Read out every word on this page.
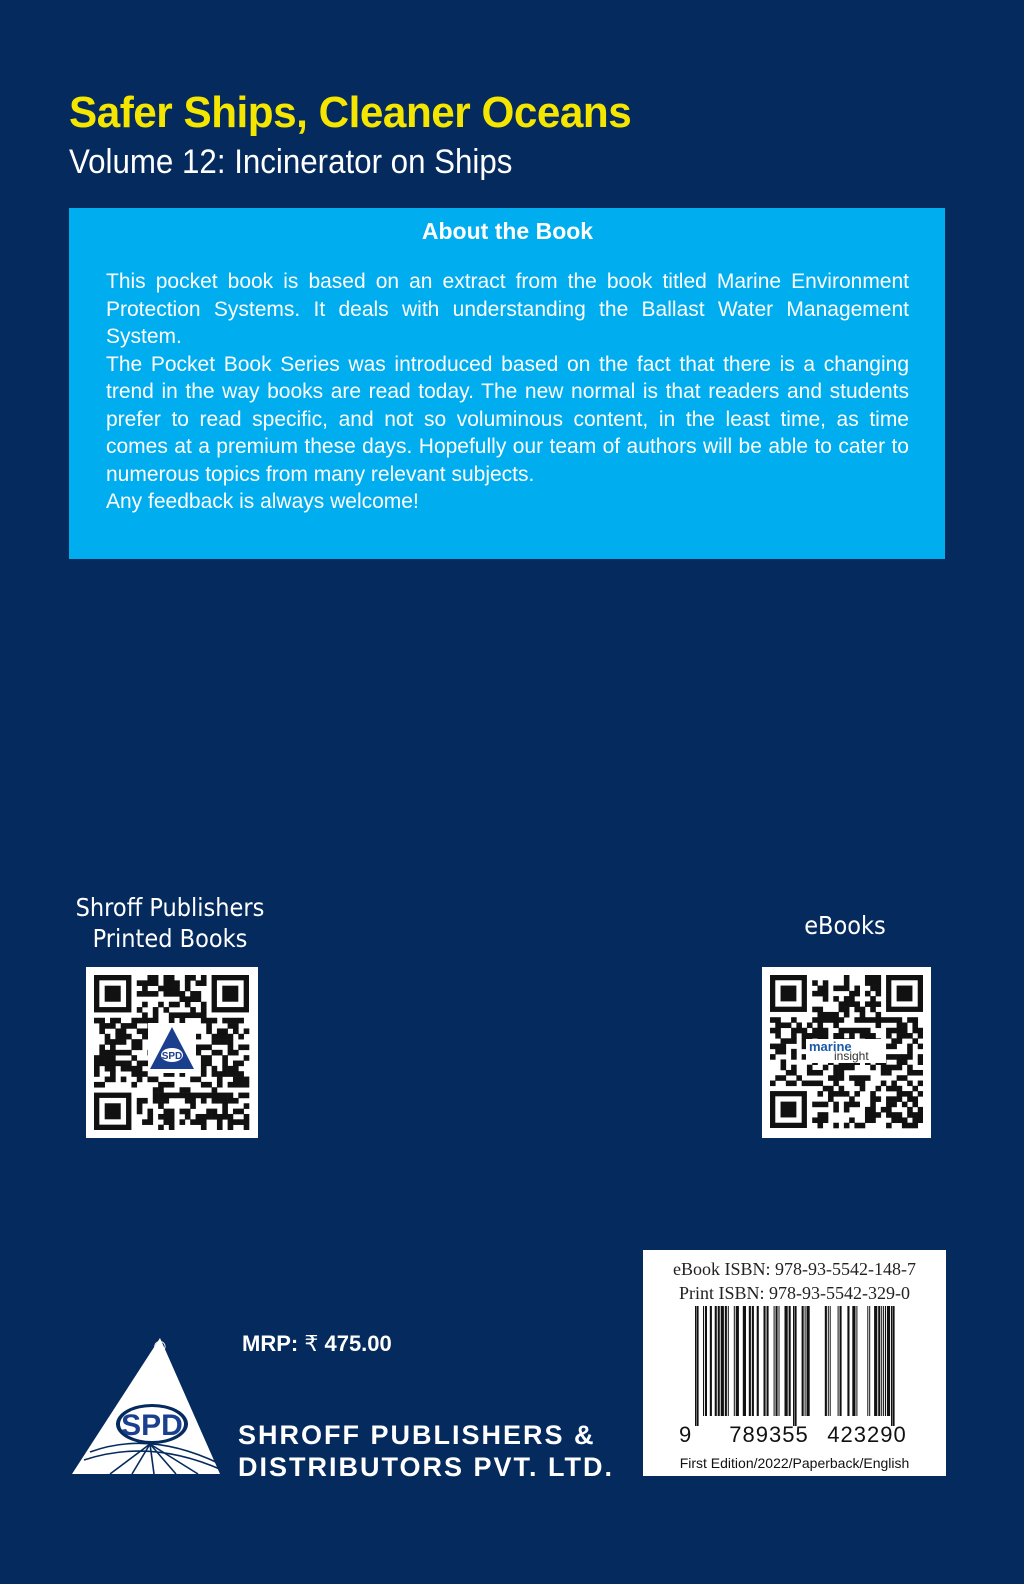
Safer Ships, Cleaner Oceans
Volume 12: Incinerator on Ships
About the Book

This pocket book is based on an extract from the book titled Marine Environment Protection Systems. It deals with understanding the Ballast Water Management System.

The Pocket Book Series was introduced based on the fact that there is a changing trend in the way books are read today. The new normal is that readers and students prefer to read specific, and not so voluminous content, in the least time, as time comes at a premium these days. Hopefully our team of authors will be able to cater to numerous topics from many relevant subjects.

Any feedback is always welcome!

Shroff Publishers
Printed Books
SPD
eBooks
marine
insight
eBook ISBN: 978-93-5542-148-7
Print ISBN: 978-93-5542-329-0
9 789355 423290
First Edition/2022/Paperback/English
MRP: ₹ 475.00
SPD
®
SHROFF PUBLISHERS &
DISTRIBUTORS PVT. LTD.
